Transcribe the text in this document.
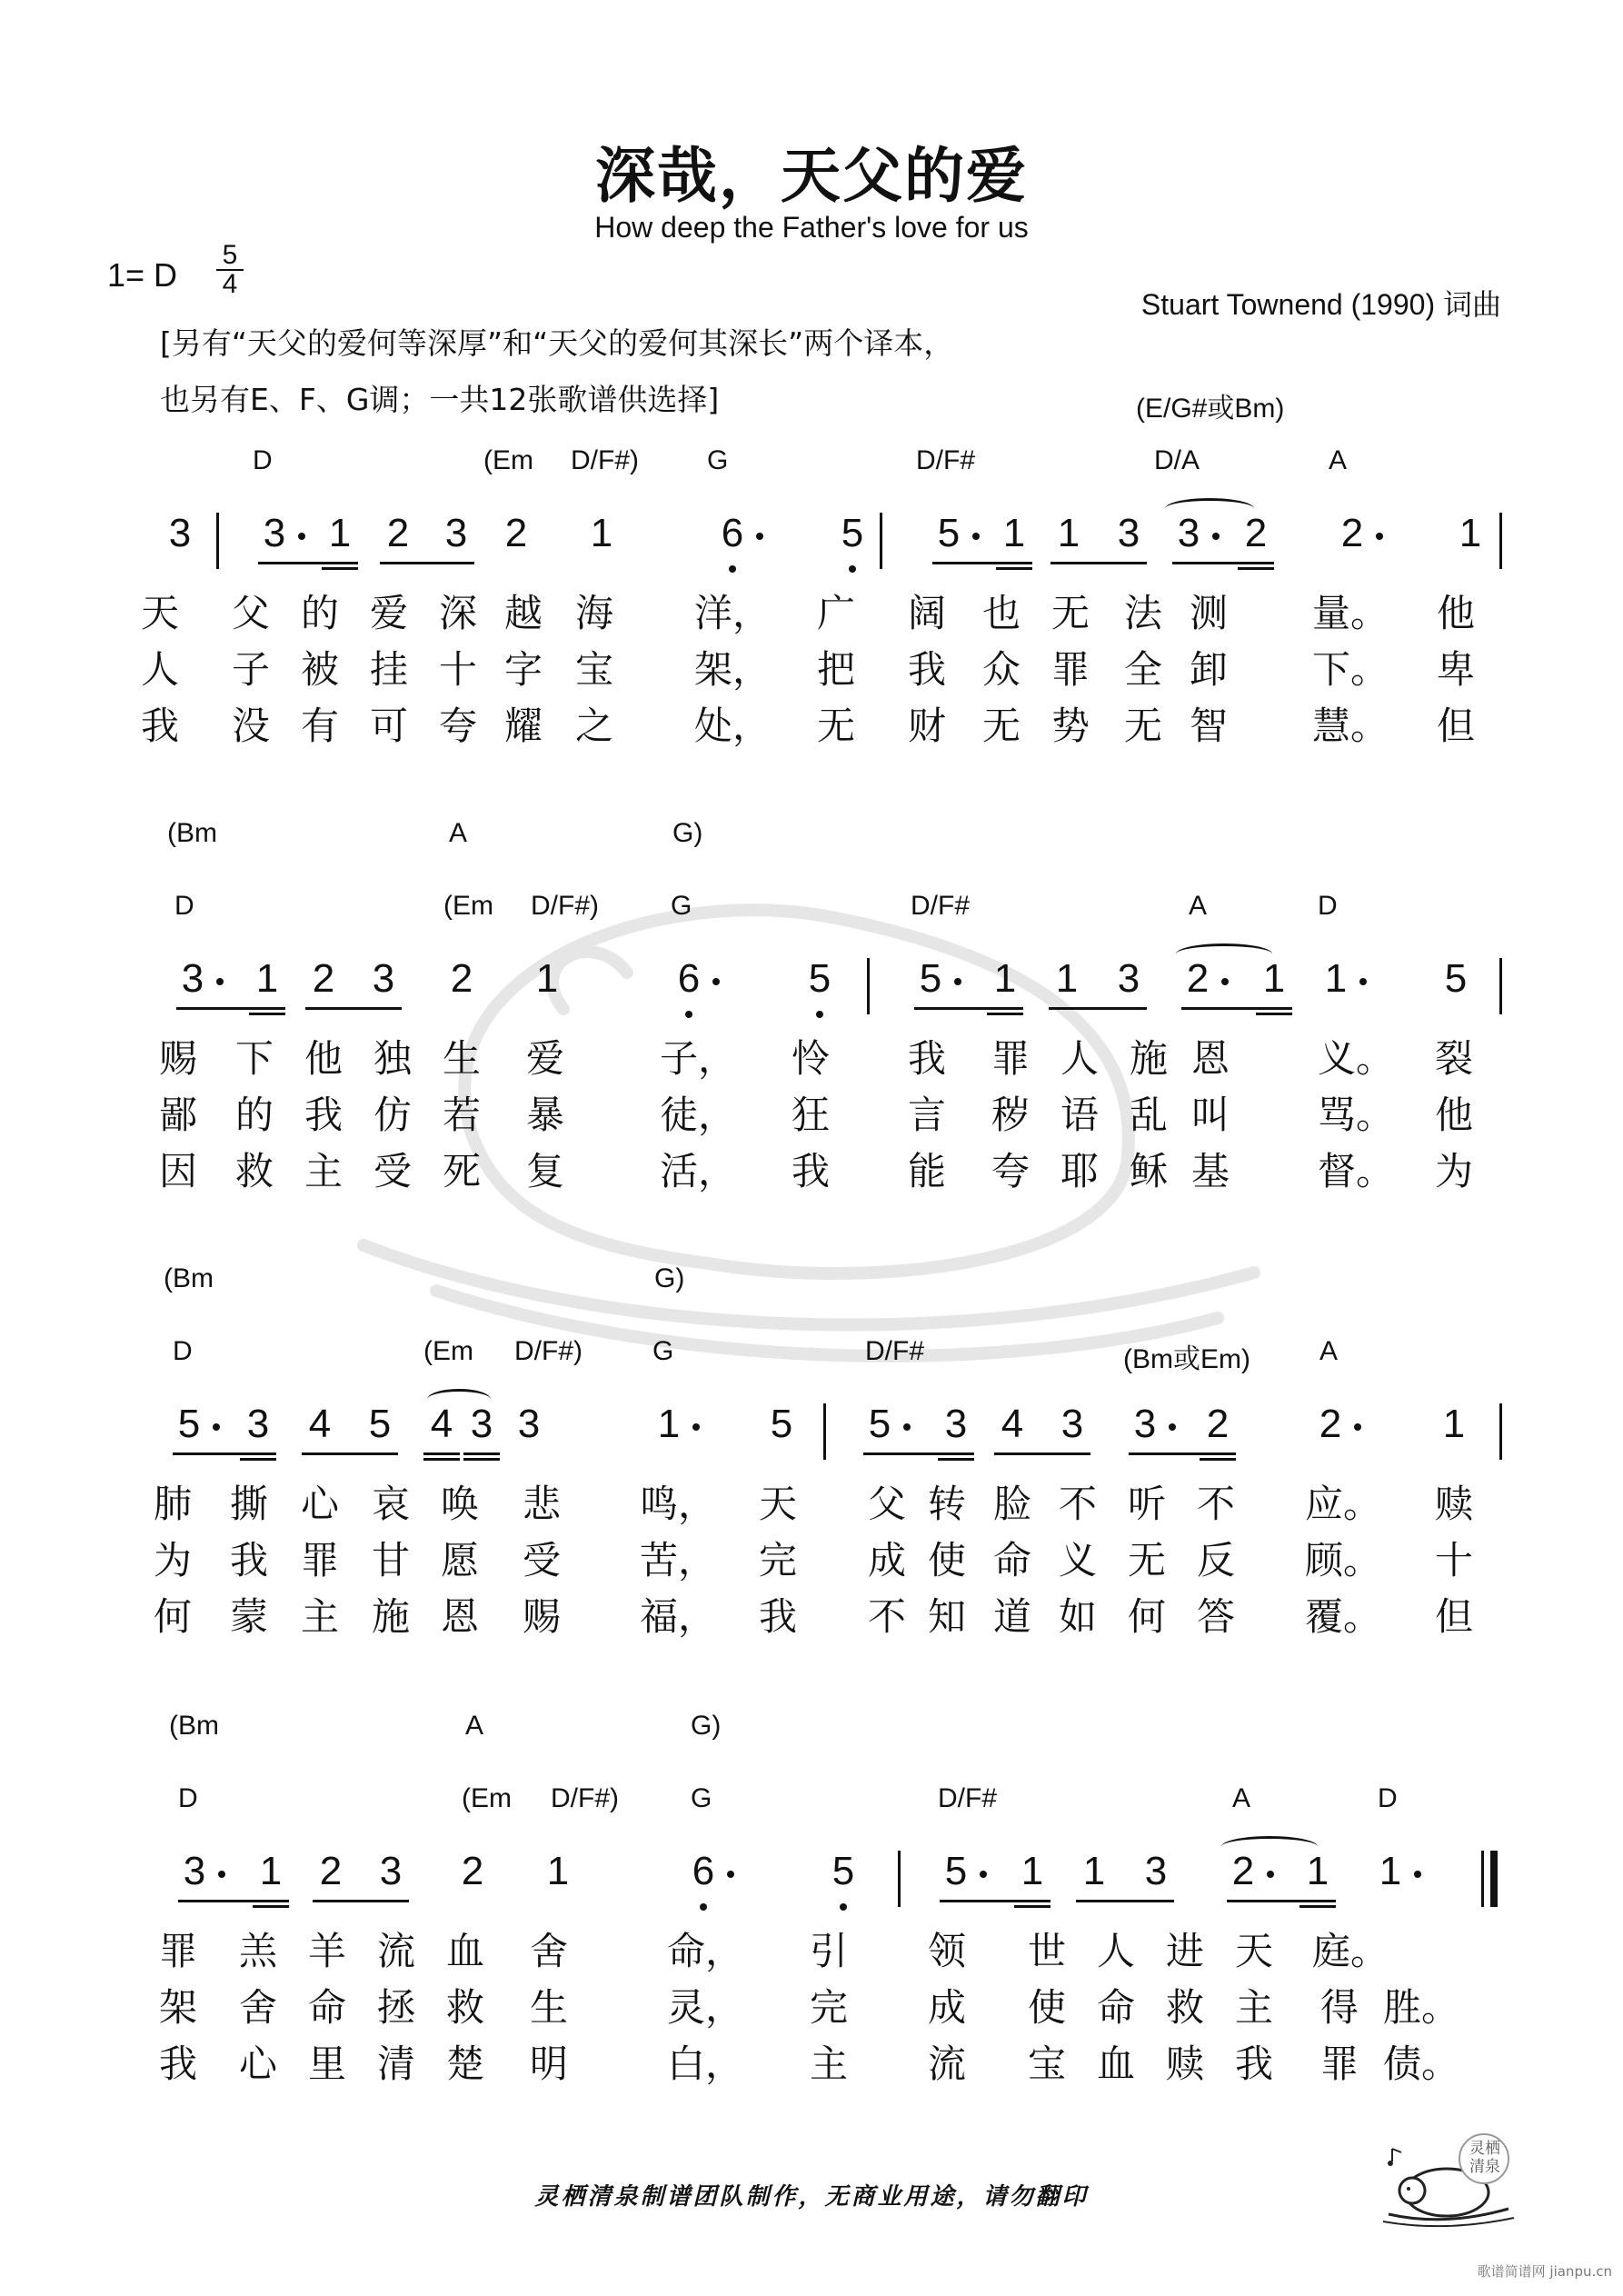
深哉，天父的爱
How deep the Father's love for us
1= D
5
4
Stuart Townend (1990) 词曲
[另有“天父的爱何等深厚”和“天父的爱何其深长”两个译本，
也另有E、F、G调；一共12张歌谱供选择]	(E/G#或Bm)
D	(Em D/F#)	G	D/F#	D/A	A
3 3 1 2 3 2 1	6 5 5 1 1 3 3 2 2 1
天 父 的 爱 深 越 海 洋， 广 阔 也 无 法 测 量。 他
人 子 被 挂 十 字 宝 架， 把 我 众 罪 全 卸 下。 卑
我 没 有 可 夸 耀 之 处， 无 财 无 势 无 智 慧。 但
(Bm	A	G)
D	(Em D/F#)	G	D/F#	A	D
3 1 2 3 2 1	6	5 5 1 1 3 2 1 1 5
赐 下 他 独 生 爱	子， 怜 我 罪 人 施 恩 义。 裂
鄙 的 我 仿 若 暴	徒， 狂 言 秽 语 乱 叫 骂。 他
因 救 主 受 死 复	活， 我 能 夸 耶 稣 基 督。 为
(Bm	G)
D	(Em D/F#)	G	D/F#	(Bm或Em)	A
5 3 4 5 4 3 3	1 5 5 3 4 3 3 2 2	1
肺 撕 心 哀 唤 悲 鸣， 天 父 转 脸 不 听 不 应。 赎
为 我 罪 甘 愿 受 苦， 完 成 使 命 义 无 反 顾。 十
何 蒙 主 施 恩 赐 福， 我 不 知 道 如 何 答 覆。 但
(Bm	A	G)
D	(Em D/F#)	G	D/F#	A	D
3 1 2 3 2 1	6	5 5 1 1 3 2 1 1
罪 羔 羊 流 血 舍	命， 引 领 世 人 进 天 庭。
架 舍 命 拯 救 生	灵， 完 成 使 命 救 主 得 胜。
我 心 里 清 楚 明	白， 主 流 宝 血 赎 我 罪 债。
灵栖清泉制谱团队制作，无商业用途，请勿翻印
灵栖清泉
歌谱简谱网 jianpu.cn
